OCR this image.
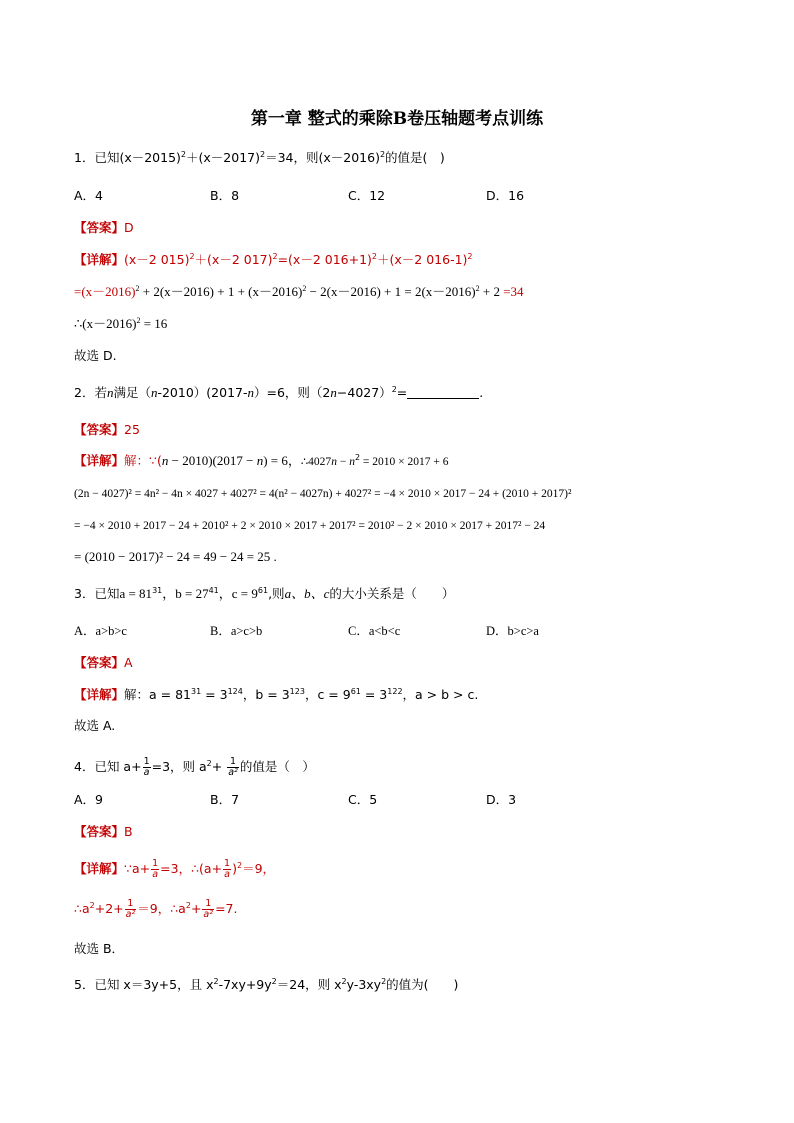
第一章 整式的乘除B卷压轴题考点训练
1．已知$(x-2015)^2+(x-2017)^2=34$，则$(x-2016)^2$的值是(　)
A．4	B．8	C．12	D．16
【答案】D
【详解】(x－2 015)$^2$＋(x－2 017)$^2$=(x－2 016+1)$^2$＋(x－2 016-1)$^2$
$=(x-2016)^2 + 2(x-2016) + 1 + (x-2016)^2 - 2(x-2016) + 1 = 2(x-2016)^2 + 2 =34$
$\therefore(x-2016)^2 = 16$
故选 D.
2．若n满足（n-2010）(2017-n）=6，则$(2n-4027)^2=$	.
【答案】25
【详解】解：∵(n − 2010)(2017 − n) = 6，∴4027n − $n^2 = 2010 \times 2017 + 6$
(2n − 4027)² = 4n² − 4n × 4027 + 4027² = 4(n² − 4027n) + 4027² = −4 × 2010 × 2017 − 24 + (2010 + 2017)²
= −4 × 2010 + 2017 − 24 + 2010² + 2 × 2010 × 2017 + 2017² = 2010² − 2 × 2010 × 2017 + 2017² − 24
= (2010 − 2017)² − 24 = 49 − 24 = 25 .
3．已知$a = 81^{31}$，$b = 27^{41}$，$c = 9^{61}$,则a、b、c的大小关系是（　　）
A．a>b>c	B．a>c>b	C．a<b<c	D．b>c>a
【答案】A
【详解】解：$a = 81^{31} = 3^{124}$，$b = 3^{123}$，$c = 9^{61} = 3^{122}$，a > b > c.
故选 A.
4．已知 $a+ \frac{1}{a} =3$，则 $a^2+ \frac{1}{\text{a²}}$ 的值是（　）
A．9	B．7	C．5	D．3
【答案】B
【详解】∵a+ $\frac{1}{a} =3$，∴(a+ $\frac{1}{a} )^2=9$，
$\therefore a^2+2+ \frac{1}{\text{a²}} =9$，$\therefore a^2+ \frac{1}{\text{a²}} =7$.
故选 B．
5．已知 x＝3y+5，且 $x^2-7xy+9y^2=24$，则 $x^2y-3xy^2$的值为(　　)
